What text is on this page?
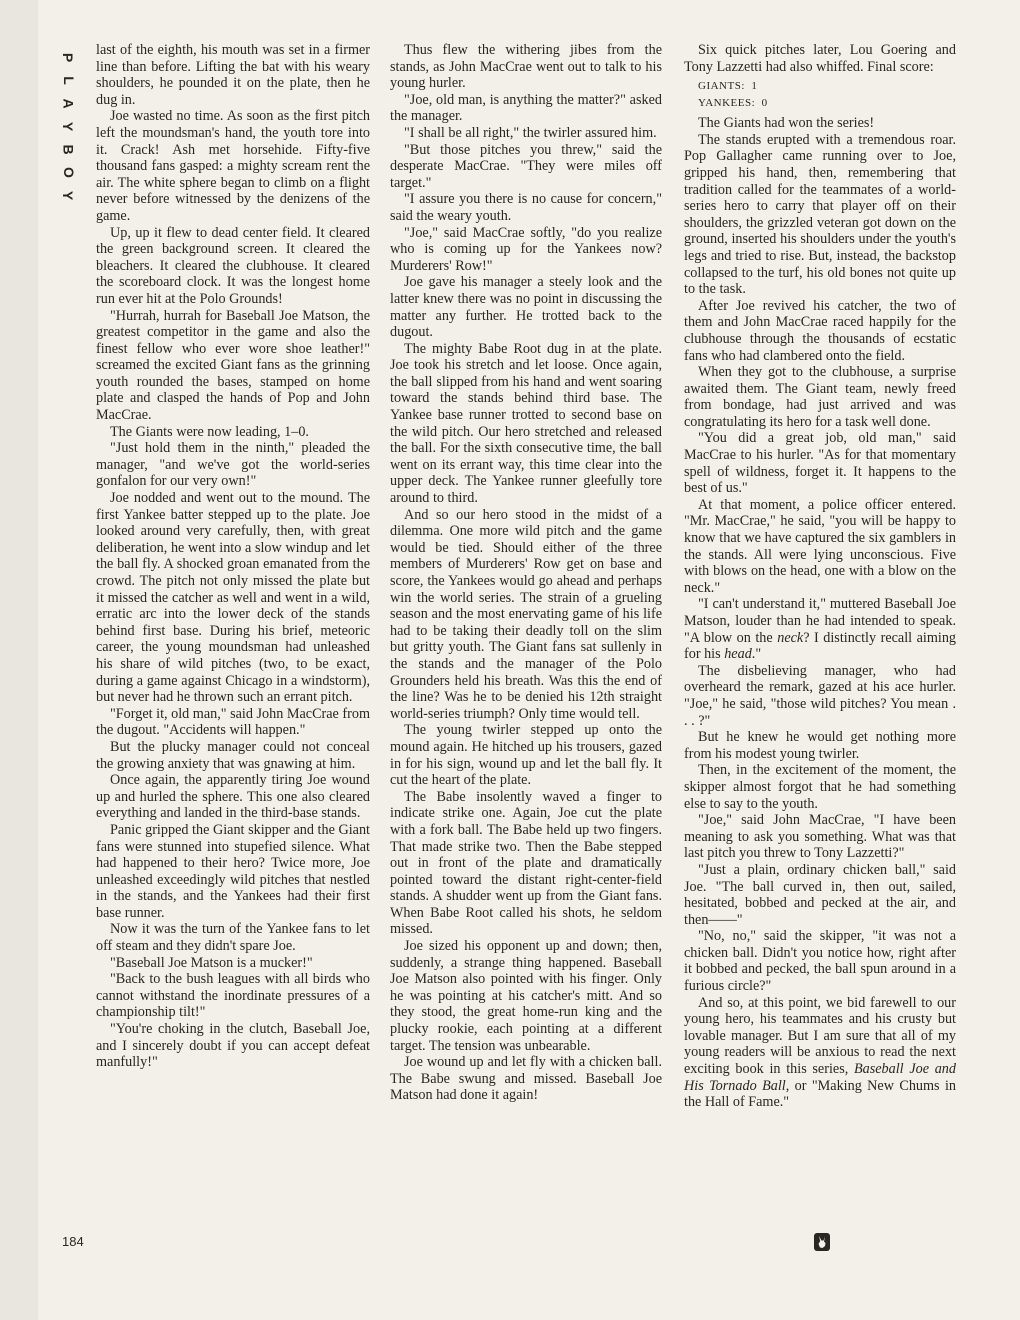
P
L
A
Y
B
O
Y

last of the eighth, his mouth was set in a firmer line than before. Lifting the bat with his weary shoulders, he pounded it on the plate, then he dug in.

Joe wasted no time. As soon as the first pitch left the moundsman's hand, the youth tore into it. Crack! Ash met horsehide. Fifty-five thousand fans gasped: a mighty scream rent the air. The white sphere began to climb on a flight never before witnessed by the denizens of the game.

Up, up it flew to dead center field. It cleared the green background screen. It cleared the bleachers. It cleared the clubhouse. It cleared the scoreboard clock. It was the longest home run ever hit at the Polo Grounds!

"Hurrah, hurrah for Baseball Joe Matson, the greatest competitor in the game and also the finest fellow who ever wore shoe leather!" screamed the excited Giant fans as the grinning youth rounded the bases, stamped on home plate and clasped the hands of Pop and John MacCrae.

The Giants were now leading, 1–0.

"Just hold them in the ninth," pleaded the manager, "and we've got the world-series gonfalon for our very own!"

Joe nodded and went out to the mound. The first Yankee batter stepped up to the plate. Joe looked around very carefully, then, with great deliberation, he went into a slow windup and let the ball fly. A shocked groan emanated from the crowd. The pitch not only missed the plate but it missed the catcher as well and went in a wild, erratic arc into the lower deck of the stands behind first base. During his brief, meteoric career, the young moundsman had unleashed his share of wild pitches (two, to be exact, during a game against Chicago in a windstorm), but never had he thrown such an errant pitch.

"Forget it, old man," said John MacCrae from the dugout. "Accidents will happen."

But the plucky manager could not conceal the growing anxiety that was gnawing at him.

Once again, the apparently tiring Joe wound up and hurled the sphere. This one also cleared everything and landed in the third-base stands.

Panic gripped the Giant skipper and the Giant fans were stunned into stupefied silence. What had happened to their hero? Twice more, Joe unleashed exceedingly wild pitches that nestled in the stands, and the Yankees had their first base runner.

Now it was the turn of the Yankee fans to let off steam and they didn't spare Joe.

"Baseball Joe Matson is a mucker!"

"Back to the bush leagues with all birds who cannot withstand the inordinate pressures of a championship tilt!"

"You're choking in the clutch, Baseball Joe, and I sincerely doubt if you can accept defeat manfully!"

Thus flew the withering jibes from the stands, as John MacCrae went out to talk to his young hurler.

"Joe, old man, is anything the matter?" asked the manager.

"I shall be all right," the twirler assured him.

"But those pitches you threw," said the desperate MacCrae. "They were miles off target."

"I assure you there is no cause for concern," said the weary youth.

"Joe," said MacCrae softly, "do you realize who is coming up for the Yankees now? Murderers' Row!"

Joe gave his manager a steely look and the latter knew there was no point in discussing the matter any further. He trotted back to the dugout.

The mighty Babe Root dug in at the plate. Joe took his stretch and let loose. Once again, the ball slipped from his hand and went soaring toward the stands behind third base. The Yankee base runner trotted to second base on the wild pitch. Our hero stretched and released the ball. For the sixth consecutive time, the ball went on its errant way, this time clear into the upper deck. The Yankee runner gleefully tore around to third.

And so our hero stood in the midst of a dilemma. One more wild pitch and the game would be tied. Should either of the three members of Murderers' Row get on base and score, the Yankees would go ahead and perhaps win the world series. The strain of a grueling season and the most enervating game of his life had to be taking their deadly toll on the slim but gritty youth. The Giant fans sat sullenly in the stands and the manager of the Polo Grounders held his breath. Was this the end of the line? Was he to be denied his 12th straight world-series triumph? Only time would tell.

The young twirler stepped up onto the mound again. He hitched up his trousers, gazed in for his sign, wound up and let the ball fly. It cut the heart of the plate.

The Babe insolently waved a finger to indicate strike one. Again, Joe cut the plate with a fork ball. The Babe held up two fingers. That made strike two. Then the Babe stepped out in front of the plate and dramatically pointed toward the distant right-center-field stands. A shudder went up from the Giant fans. When Babe Root called his shots, he seldom missed.

Joe sized his opponent up and down; then, suddenly, a strange thing happened. Baseball Joe Matson also pointed with his finger. Only he was pointing at his catcher's mitt. And so they stood, the great home-run king and the plucky rookie, each pointing at a different target. The tension was unbearable.

Joe wound up and let fly with a chicken ball. The Babe swung and missed. Baseball Joe Matson had done it again!

Six quick pitches later, Lou Goering and Tony Lazzetti had also whiffed. Final score:

GIANTS: 1
YANKEES: 0

The Giants had won the series!

The stands erupted with a tremendous roar. Pop Gallagher came running over to Joe, gripped his hand, then, remembering that tradition called for the teammates of a world-series hero to carry that player off on their shoulders, the grizzled veteran got down on the ground, inserted his shoulders under the youth's legs and tried to rise. But, instead, the backstop collapsed to the turf, his old bones not quite up to the task.

After Joe revived his catcher, the two of them and John MacCrae raced happily for the clubhouse through the thousands of ecstatic fans who had clambered onto the field.

When they got to the clubhouse, a surprise awaited them. The Giant team, newly freed from bondage, had just arrived and was congratulating its hero for a task well done.

"You did a great job, old man," said MacCrae to his hurler. "As for that momentary spell of wildness, forget it. It happens to the best of us."

At that moment, a police officer entered. "Mr. MacCrae," he said, "you will be happy to know that we have captured the six gamblers in the stands. All were lying unconscious. Five with blows on the head, one with a blow on the neck."

"I can't understand it," muttered Baseball Joe Matson, louder than he had intended to speak. "A blow on the neck? I distinctly recall aiming for his head."

The disbelieving manager, who had overheard the remark, gazed at his ace hurler. "Joe," he said, "those wild pitches? You mean . . . ?"

But he knew he would get nothing more from his modest young twirler.

Then, in the excitement of the moment, the skipper almost forgot that he had something else to say to the youth.

"Joe," said John MacCrae, "I have been meaning to ask you something. What was that last pitch you threw to Tony Lazzetti?"

"Just a plain, ordinary chicken ball," said Joe. "The ball curved in, then out, sailed, hesitated, bobbed and pecked at the air, and then——"

"No, no," said the skipper, "it was not a chicken ball. Didn't you notice how, right after it bobbed and pecked, the ball spun around in a furious circle?"

And so, at this point, we bid farewell to our young hero, his teammates and his crusty but lovable manager. But I am sure that all of my young readers will be anxious to read the next exciting book in this series, Baseball Joe and His Tornado Ball, or "Making New Chums in the Hall of Fame."

184
